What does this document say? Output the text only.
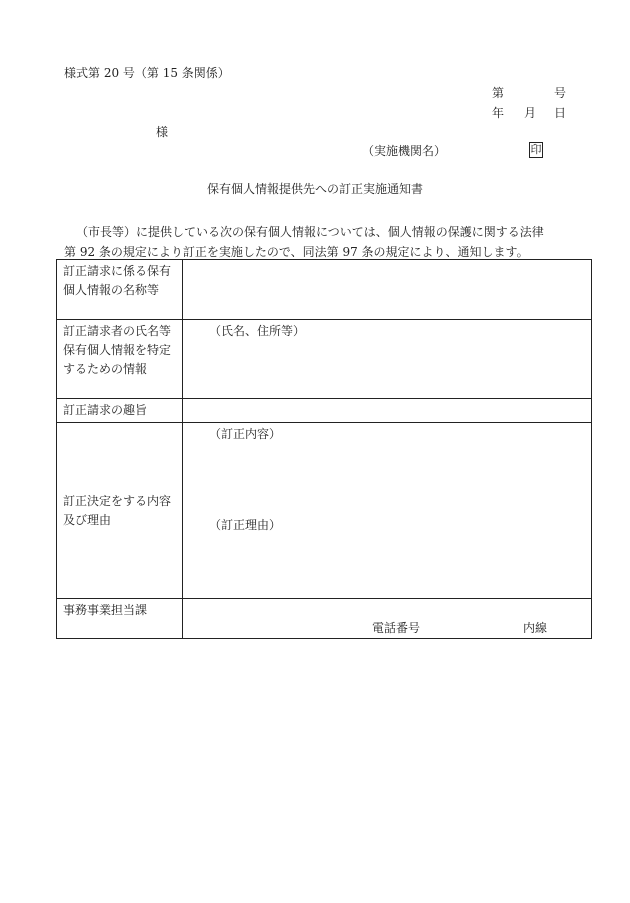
様式第 20 号（第 15 条関係）
第	号
年 月 日
様
（実施機関名）	印
保有個人情報提供先への訂正実施通知書
（市長等）に提供している次の保有個人情報については、個人情報の保護に関する法律
第 92 条の規定により訂正を実施したので、同法第 97 条の規定により、通知します。
訂正請求に係る保有個人情報の名称等	
訂正請求者の氏名等保有個人情報を特定するための情報	（氏名、住所等）

訂正請求の趣旨	
訂正決定をする内容及び理由	（訂正内容）
（訂正理由）

事務事業担当課	電話番号 内線
